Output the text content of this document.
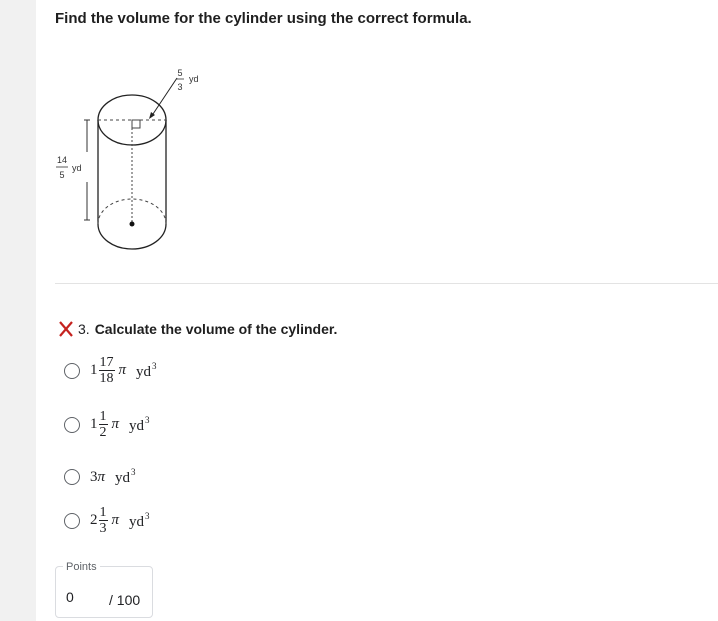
Find the volume for the cylinder using the correct formula.
5
3
yd
14
5
yd
3. Calculate the volume of the cylinder.
$1 \frac{17}{18}$ π $yd^3$
$1 \frac{1}{2}$ π $yd^3$
3 π $yd^3$
$2 \frac{1}{3}$ π $yd^3$
Points
0	/ 100
